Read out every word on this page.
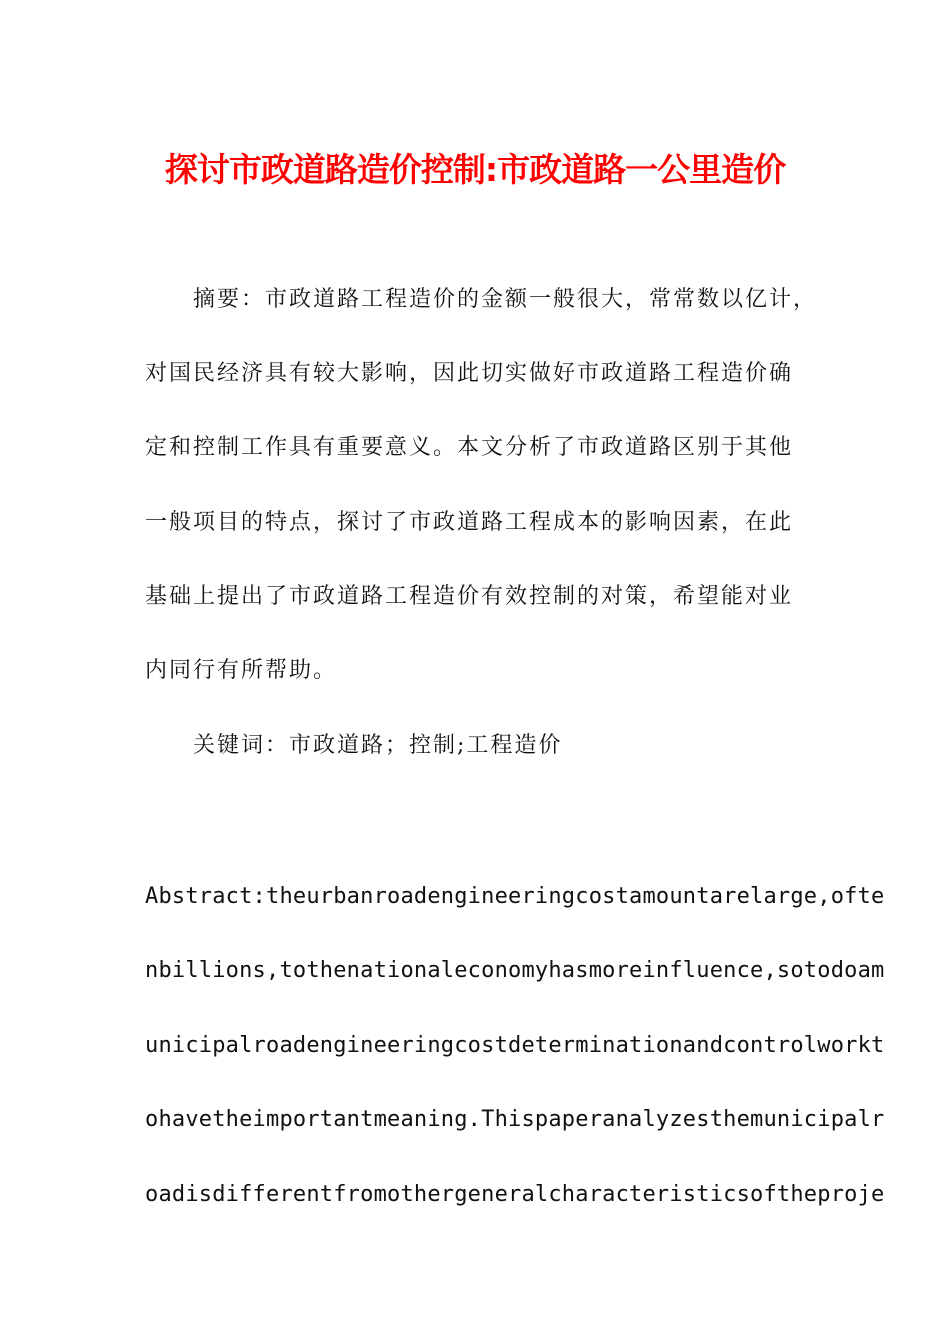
探讨市政道路造价控制:市政道路一公里造价

摘要：市政道路工程造价的金额一般很大，常常数以亿计，

对国民经济具有较大影响，因此切实做好市政道路工程造价确

定和控制工作具有重要意义。本文分析了市政道路区别于其他

一般项目的特点，探讨了市政道路工程成本的影响因素，在此

基础上提出了市政道路工程造价有效控制的对策，希望能对业

内同行有所帮助。

关键词：市政道路；控制;工程造价

Abstract:theurbanroadengineeringcostamountarelarge,ofte

nbillions,tothenationaleconomyhasmoreinfluence,sotodoam

unicipalroadengineeringcostdeterminationandcontrolworkt

ohavetheimportantmeaning.Thispaperanalyzesthemunicipalr

oadisdifferentfromothergeneralcharacteristicsoftheproje
